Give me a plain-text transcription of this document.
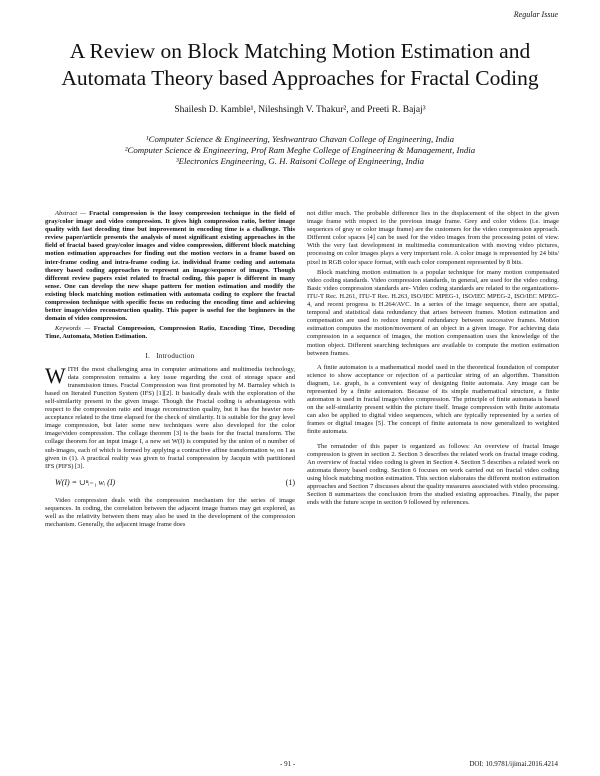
Regular Issue
A Review on Block Matching Motion Estimation and
Automata Theory based Approaches for Fractal Coding
Shailesh D. Kamble¹, Nileshsingh V. Thakur², and Preeti R. Bajaj³
¹Computer Science & Engineering, Yeshwantrao Chavan College of Engineering, India
²Computer Science & Engineering, Prof Ram Meghe College of Engineering & Management, India
³Electronics Engineering, G. H. Raisoni College of Engineering, India

Abstract — Fractal compression is the lossy compression technique in the field of gray/color image and video compression. It gives high compression ratio, better image quality with fast decoding time but improvement in encoding time is a challenge. This review paper/article presents the analysis of most significant existing approaches in the field of fractal based gray/color images and video compression, different block matching motion estimation approaches for finding out the motion vectors in a frame based on inter-frame coding and intra-frame coding i.e. individual frame coding and automata theory based coding approaches to represent an image/sequence of images. Though different review papers exist related to fractal coding, this paper is different in many sense. One can develop the new shape pattern for motion estimation and modify the existing block matching motion estimation with automata coding to explore the fractal compression technique with specific focus on reducing the encoding time and achieving better image/video reconstruction quality. This paper is useful for the beginners in the domain of video compression.

Keywords — Fractal Compression, Compression Ratio, Encoding Time, Decoding Time, Automata, Motion Estimation.

I. Introduction

WITH the most challenging area in computer animations and multimedia technology, data compression remains a key issue regarding the cost of storage space and transmission times. Fractal Compression was first promoted by M. Barnsley which is based on Iterated Function System (IFS) [1][2]. It basically deals with the exploration of the self-similarity present in the given image. Though the Fractal coding is advantageous with respect to the compression ratio and image reconstruction quality, but it has the heavier non-acceptance related to the time elapsed for the check of similarity. It is suitable for the gray level image compression, but later some new techniques were also developed for the color image/video compression. The collage theorem [3] is the basis for the fractal transform. The collage theorem for an input image I, a new set W(I) is computed by the union of n number of sub-images, each of which is formed by applying a contractive affine transformation wᵢ on I as given in (1). A practical reality was given to fractal compression by Jacquin with partitioned IFS (PIFS) [3].

W(I) = ∪ⁿᵢ₌₁ wᵢ (I)	(1)

Video compression deals with the compression mechanism for the series of image sequences. In coding, the correlation between the adjacent image frames may get explored, as well as the relativity between them may also be used in the development of the compression mechanism. Generally, the adjacent image frame does

not differ much. The probable difference lies in the displacement of the object in the given image frame with respect to the previous image frame. Grey and color videos (i.e. image sequences of gray or color image frame) are the customers for the video compression approach. Different color spaces [4] can be used for the video images from the processing point of view. With the very fast development in multimedia communication with moving video pictures, processing on color images plays a very important role. A color image is represented by 24 bits/ pixel in RGB color space format, with each color component represented by 8 bits.

Block matching motion estimation is a popular technique for many motion compensated video coding standards. Video compression standards, in general, are used for the video coding. Basic video compression standards are- Video coding standards are related to the organizations- ITU-T Rec. H.261, ITU-T Rec. H.263, ISO/IEC MPEG-1, ISO/IEC MPEG-2, ISO/IEC MPEG-4, and recent progress is H.264/AVC. In a series of the image sequence, there are spatial, temporal and statistical data redundancy that arises between frames. Motion estimation and compensation are used to reduce temporal redundancy between successive frames. Motion estimation computes the motion/movement of an object in a given image. For achieving data compression in a sequence of images, the motion compensation uses the knowledge of the motion object. Different searching techniques are available to compute the motion estimation between frames.

A finite automaton is a mathematical model used in the theoretical foundation of computer science to show acceptance or rejection of a particular string of an algorithm. Transition diagram, i.e. graph, is a convenient way of designing finite automata. Any image can be represented by a finite automaton. Because of its simple mathematical structure, a finite automaton is used in fractal image/video compression. The principle of finite automata is based on the self-similarity present within the picture itself. Image compression with finite automata can also be applied to digital video sequences, which are typically represented by a series of frames or digital images [5]. The concept of finite automata is now generalized to weighted finite automata.

The remainder of this paper is organized as follows: An overview of fractal Image compression is given in section 2. Section 3 describes the related work on fractal image coding. An overview of fractal video coding is given in Section 4. Section 5 describes a related work on automata theory based coding. Section 6 focuses on work carried out on fractal video coding using block matching motion estimation. This section elaborates the different motion estimation approaches and Section 7 discusses about the quality measures associated with video processing. Section 8 summarizes the conclusion from the studied existing approaches. Finally, the paper ends with the future scope in section 9 followed by references.

- 91 -	DOI: 10.9781/ijimai.2016.4214
